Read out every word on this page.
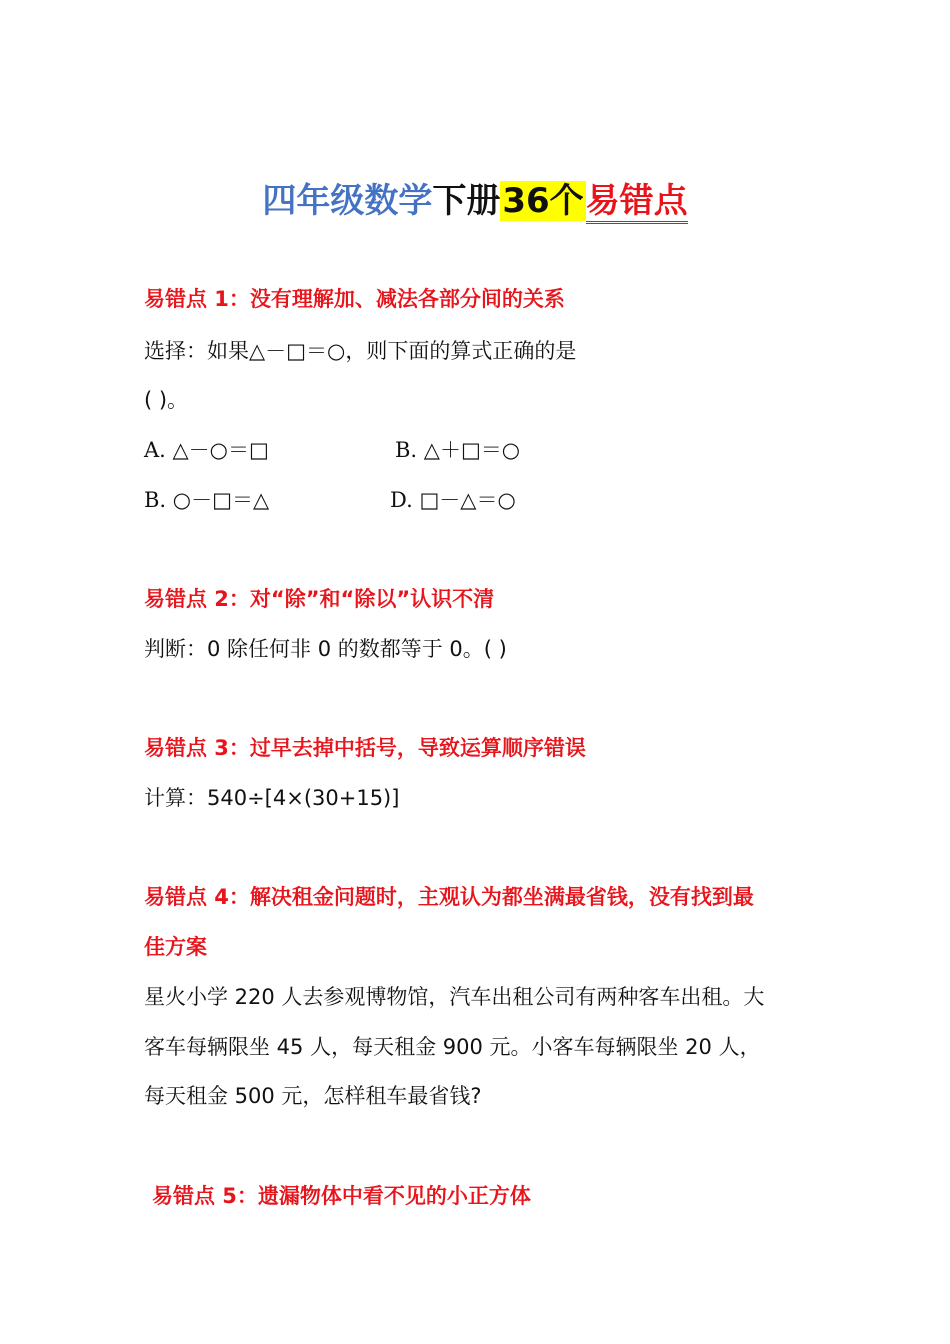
四年级数学下册36个易错点
易错点 1：没有理解加、减法各部分间的关系
选择：如果△－□＝○，则下面的算式正确的是
( )。
A. △－○＝□	B. △＋□＝○
B. ○－□＝△	D. □－△＝○
易错点 2：对“除”和“除以”认识不清
判断：0 除任何非 0 的数都等于 0。( )
易错点 3：过早去掉中括号，导致运算顺序错误
计算：540÷[4×(30+15)]
易错点 4：解决租金问题时，主观认为都坐满最省钱，没有找到最
佳方案
星火小学 220 人去参观博物馆，汽车出租公司有两种客车出租。大
客车每辆限坐 45 人，每天租金 900 元。小客车每辆限坐 20 人，
每天租金 500 元，怎样租车最省钱?
易错点 5：遗漏物体中看不见的小正方体
